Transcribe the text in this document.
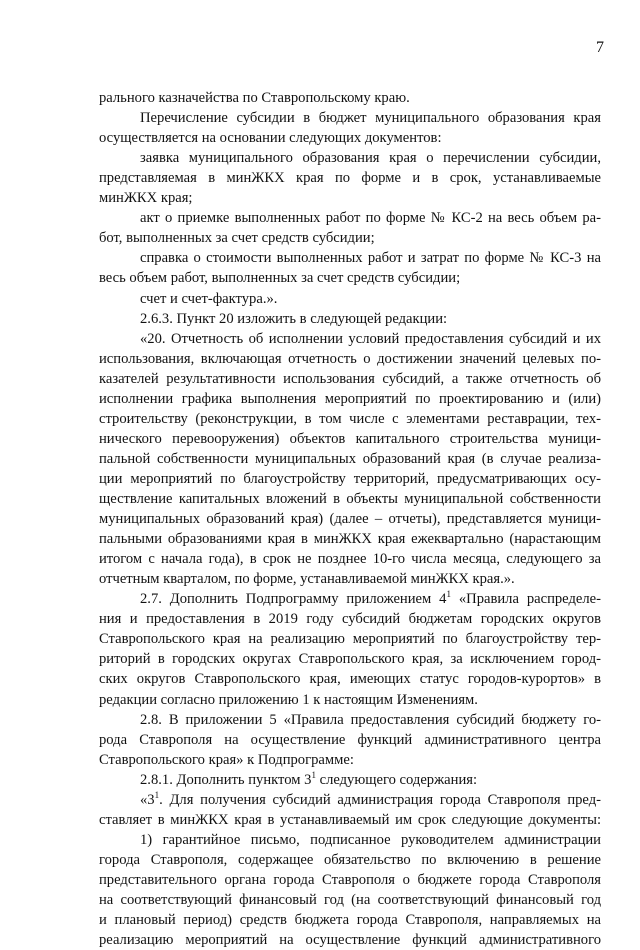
7
рального казначейства по Ставропольскому краю.
Перечисление субсидии в бюджет муниципального образования края
осуществляется на основании следующих документов:
заявка муниципального образования края о перечислении субсидии,
представляемая в минЖКХ края по форме и в срок, устанавливаемые
минЖКХ края;
акт о приемке выполненных работ по форме № КС-2 на весь объем ра-
бот, выполненных за счет средств субсидии;
справка о стоимости выполненных работ и затрат по форме № КС-3 на
весь объем работ, выполненных за счет средств субсидии;
счет и счет-фактура.».
2.6.3. Пункт 20 изложить в следующей редакции:
«20. Отчетность об исполнении условий предоставления субсидий и их
использования, включающая отчетность о достижении значений целевых по-
казателей результативности использования субсидий, а также отчетность об
исполнении графика выполнения мероприятий по проектированию и (или)
строительству (реконструкции, в том числе с элементами реставрации, тех-
нического перевооружения) объектов капитального строительства муници-
пальной собственности муниципальных образований края (в случае реализа-
ции мероприятий по благоустройству территорий, предусматривающих осу-
ществление капитальных вложений в объекты муниципальной собственности
муниципальных образований края) (далее – отчеты), представляется муници-
пальными образованиями края в минЖКХ края ежеквартально (нарастающим
итогом с начала года), в срок не позднее 10-го числа месяца, следующего за
отчетным кварталом, по форме, устанавливаемой минЖКХ края.».
2.7. Дополнить Подпрограмму приложением $4^1$ «Правила распределе-
ния и предоставления в 2019 году субсидий бюджетам городских округов
Ставропольского края на реализацию мероприятий по благоустройству тер-
риторий в городских округах Ставропольского края, за исключением город-
ских округов Ставропольского края, имеющих статус городов-курортов» в
редакции согласно приложению 1 к настоящим Изменениям.
2.8. В приложении 5 «Правила предоставления субсидий бюджету го-
рода Ставрополя на осуществление функций административного центра
Ставропольского края» к Подпрограмме:
2.8.1. Дополнить пунктом $3^1$ следующего содержания:
«$3^1$. Для получения субсидий администрация города Ставрополя пред-
ставляет в минЖКХ края в устанавливаемый им срок следующие документы:
1) гарантийное письмо, подписанное руководителем администрации
города Ставрополя, содержащее обязательство по включению в решение
представительного органа города Ставрополя о бюджете города Ставрополя
на соответствующий финансовый год (на соответствующий финансовый год
и плановый период) средств бюджета города Ставрополя, направляемых на
реализацию мероприятий на осуществление функций административного
